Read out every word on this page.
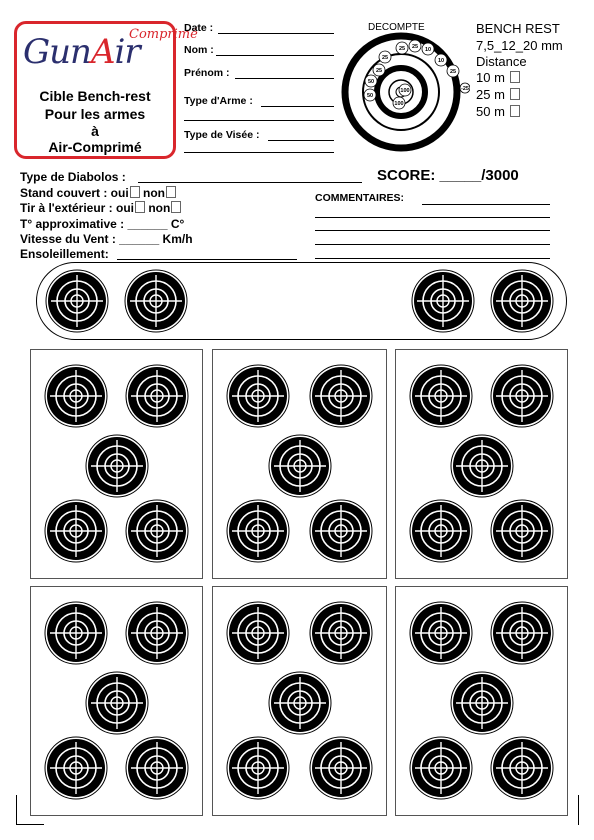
GunAir
Comprimé
Cible Bench-rest
Pour les armes
à
Air-Comprimé
Date :
Nom :
Prénom :
Type d'Arme :
Type de Visée :
DECOMPTE
25 25 10
10
25
25
50
50
100
100
25
-25
BENCH REST
7,5_12_20 mm
Distance
10 m
25 m
50 m
Type de Diabolos :	SCORE: _____/3000
Stand couvert : oui non
Tir à l'extérieur : oui non
T° approximative : ______ C°
Vitesse du Vent : ______ Km/h
Ensoleillement:
COMMENTAIRES:
